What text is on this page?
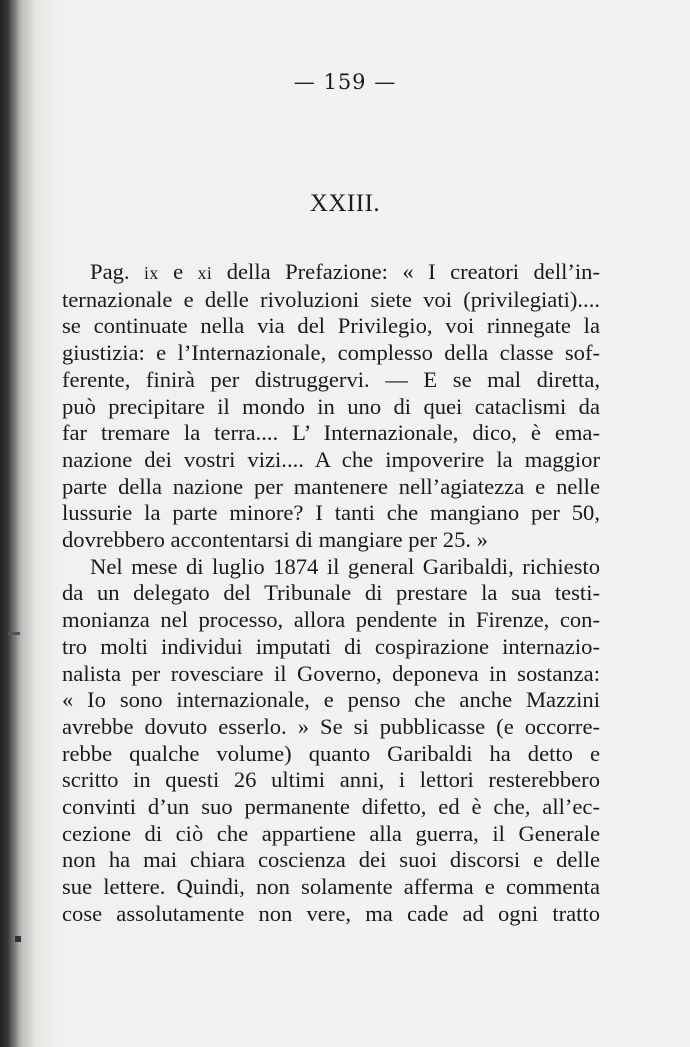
— 159 —
XXIII.
Pag. ix e xi della Prefazione: « I creatori dell’in-
ternazionale e delle rivoluzioni siete voi (privilegiati)....
se continuate nella via del Privilegio, voi rinnegate la
giustizia: e l’Internazionale, complesso della classe sof-
ferente, finirà per distruggervi. — E se mal diretta,
può precipitare il mondo in uno di quei cataclismi da
far tremare la terra.... L’ Internazionale, dico, è ema-
nazione dei vostri vizi.... A che impoverire la maggior
parte della nazione per mantenere nell’agiatezza e nelle
lussurie la parte minore? I tanti che mangiano per 50,
dovrebbero accontentarsi di mangiare per 25. »
Nel mese di luglio 1874 il general Garibaldi, richiesto
da un delegato del Tribunale di prestare la sua testi-
monianza nel processo, allora pendente in Firenze, con-
tro molti individui imputati di cospirazione internazio-
nalista per rovesciare il Governo, deponeva in sostanza:
« Io sono internazionale, e penso che anche Mazzini
avrebbe dovuto esserlo. » Se si pubblicasse (e occorre-
rebbe qualche volume) quanto Garibaldi ha detto e
scritto in questi 26 ultimi anni, i lettori resterebbero
convinti d’un suo permanente difetto, ed è che, all’ec-
cezione di ciò che appartiene alla guerra, il Generale
non ha mai chiara coscienza dei suoi discorsi e delle
sue lettere. Quindi, non solamente afferma e commenta
cose assolutamente non vere, ma cade ad ogni tratto
